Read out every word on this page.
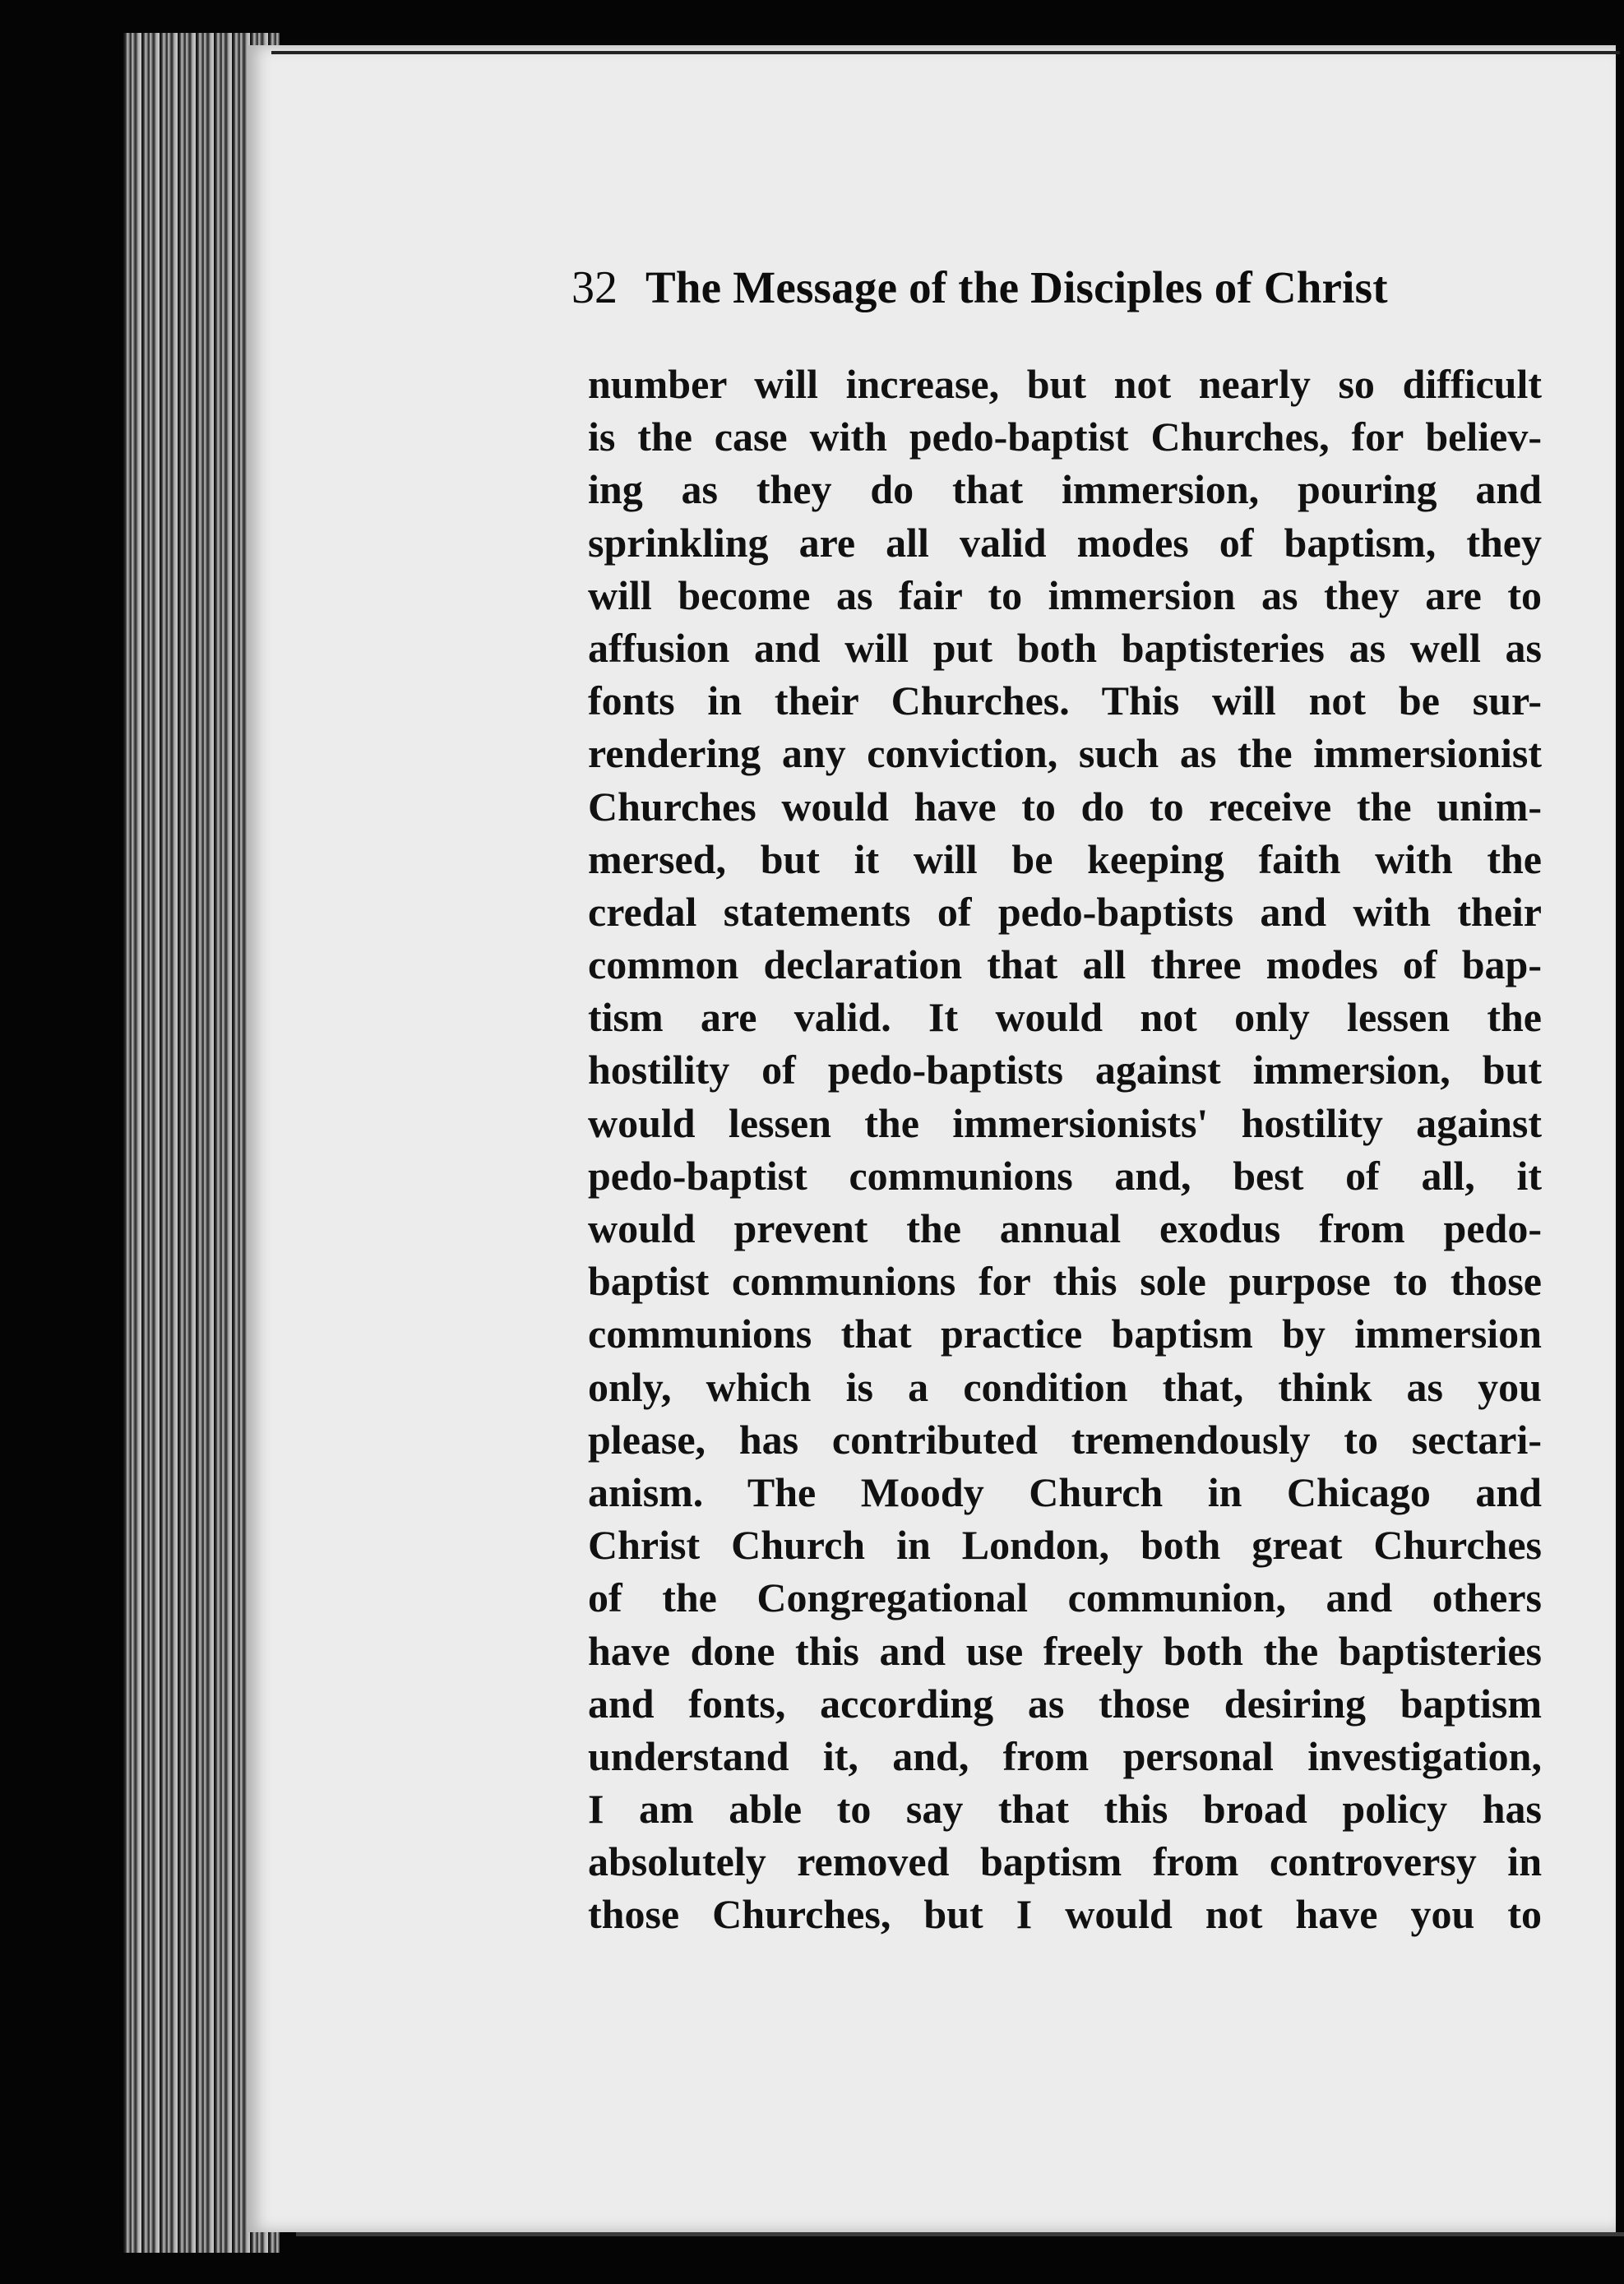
32 The Message of the Disciples of Christ
number will increase, but not nearly so difficult
is the case with pedo-baptist Churches, for believ-
ing as they do that immersion, pouring and
sprinkling are all valid modes of baptism, they
will become as fair to immersion as they are to
affusion and will put both baptisteries as well as
fonts in their Churches. This will not be sur-
rendering any conviction, such as the immersionist
Churches would have to do to receive the unim-
mersed, but it will be keeping faith with the
credal statements of pedo-baptists and with their
common declaration that all three modes of bap-
tism are valid. It would not only lessen the
hostility of pedo-baptists against immersion, but
would lessen the immersionists' hostility against
pedo-baptist communions and, best of all, it
would prevent the annual exodus from pedo-
baptist communions for this sole purpose to those
communions that practice baptism by immersion
only, which is a condition that, think as you
please, has contributed tremendously to sectari-
anism. The Moody Church in Chicago and
Christ Church in London, both great Churches
of the Congregational communion, and others
have done this and use freely both the baptisteries
and fonts, according as those desiring baptism
understand it, and, from personal investigation,
I am able to say that this broad policy has
absolutely removed baptism from controversy in
those Churches, but I would not have you to
